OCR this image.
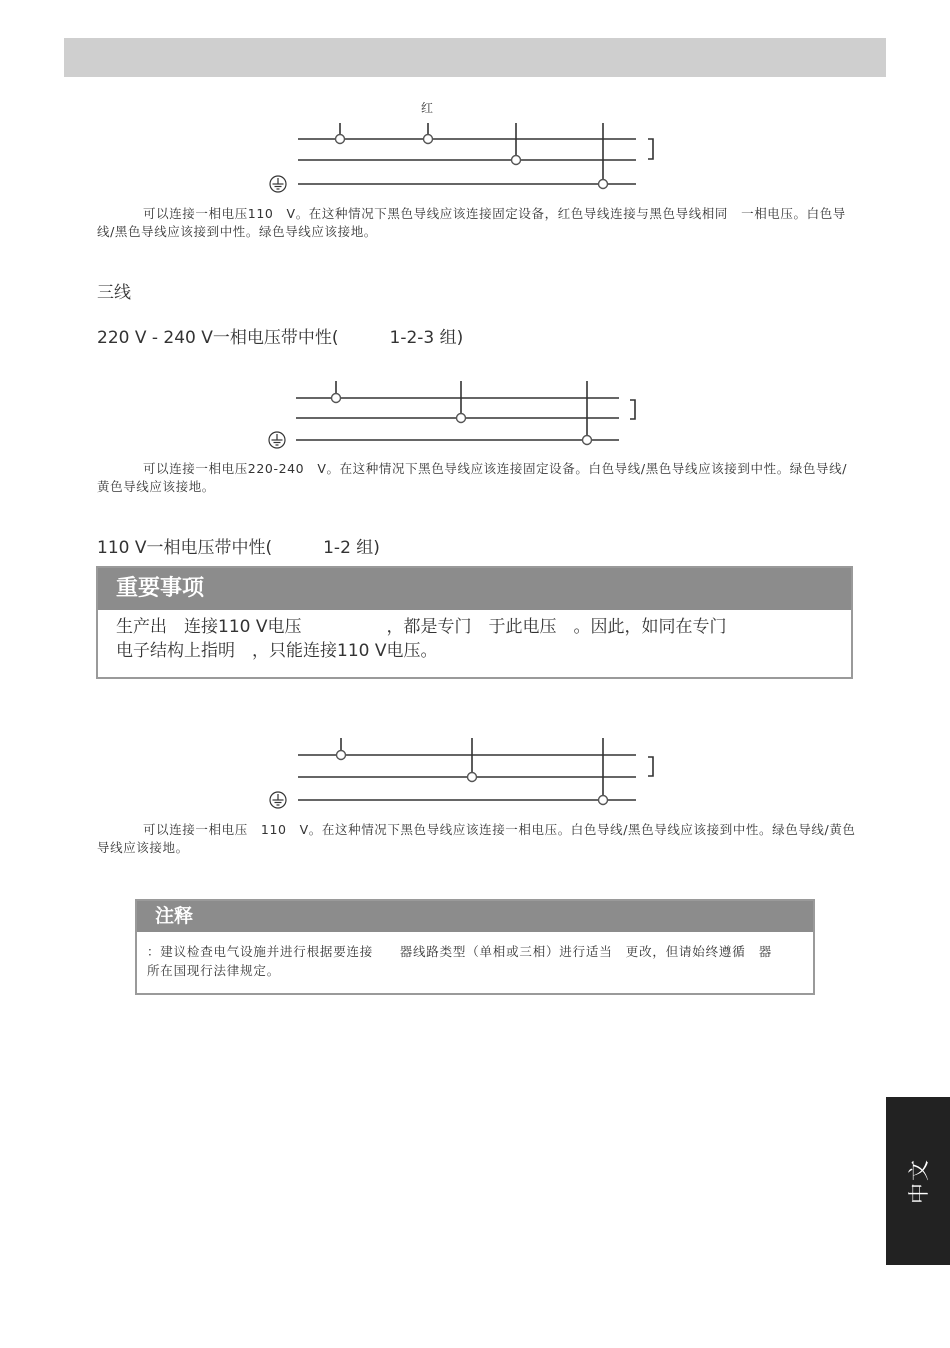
红
可以连接一相电压110　V。在这种情况下黑色导线应该连接固定设备，红色导线连接与黑色导线相同　一相电压。白色导线/黑色导线应该接到中性。绿色导线应该接地。
三线
220 V - 240 V一相电压带中性(　　　1-2-3 组)
可以连接一相电压220-240　V。在这种情况下黑色导线应该连接固定设备。白色导线/黑色导线应该接到中性。绿色导线/黄色导线应该接地。
110 V一相电压带中性(　　　1-2 组)
重要事项
生产出　连接110 V电压　　　　　，都是专门　于此电压　。因此，如同在专门
电子结构上指明　，只能连接110 V电压。
可以连接一相电压　110　V。在这种情况下黑色导线应该连接一相电压。白色导线/黑色导线应该接到中性。绿色导线/黄色导线应该接地。
注释
：建议检查电气设施并进行根据要连接　　器线路类型（单相或三相）进行适当　更改，但请始终遵循　器　　所在国现行法律规定。
中文
